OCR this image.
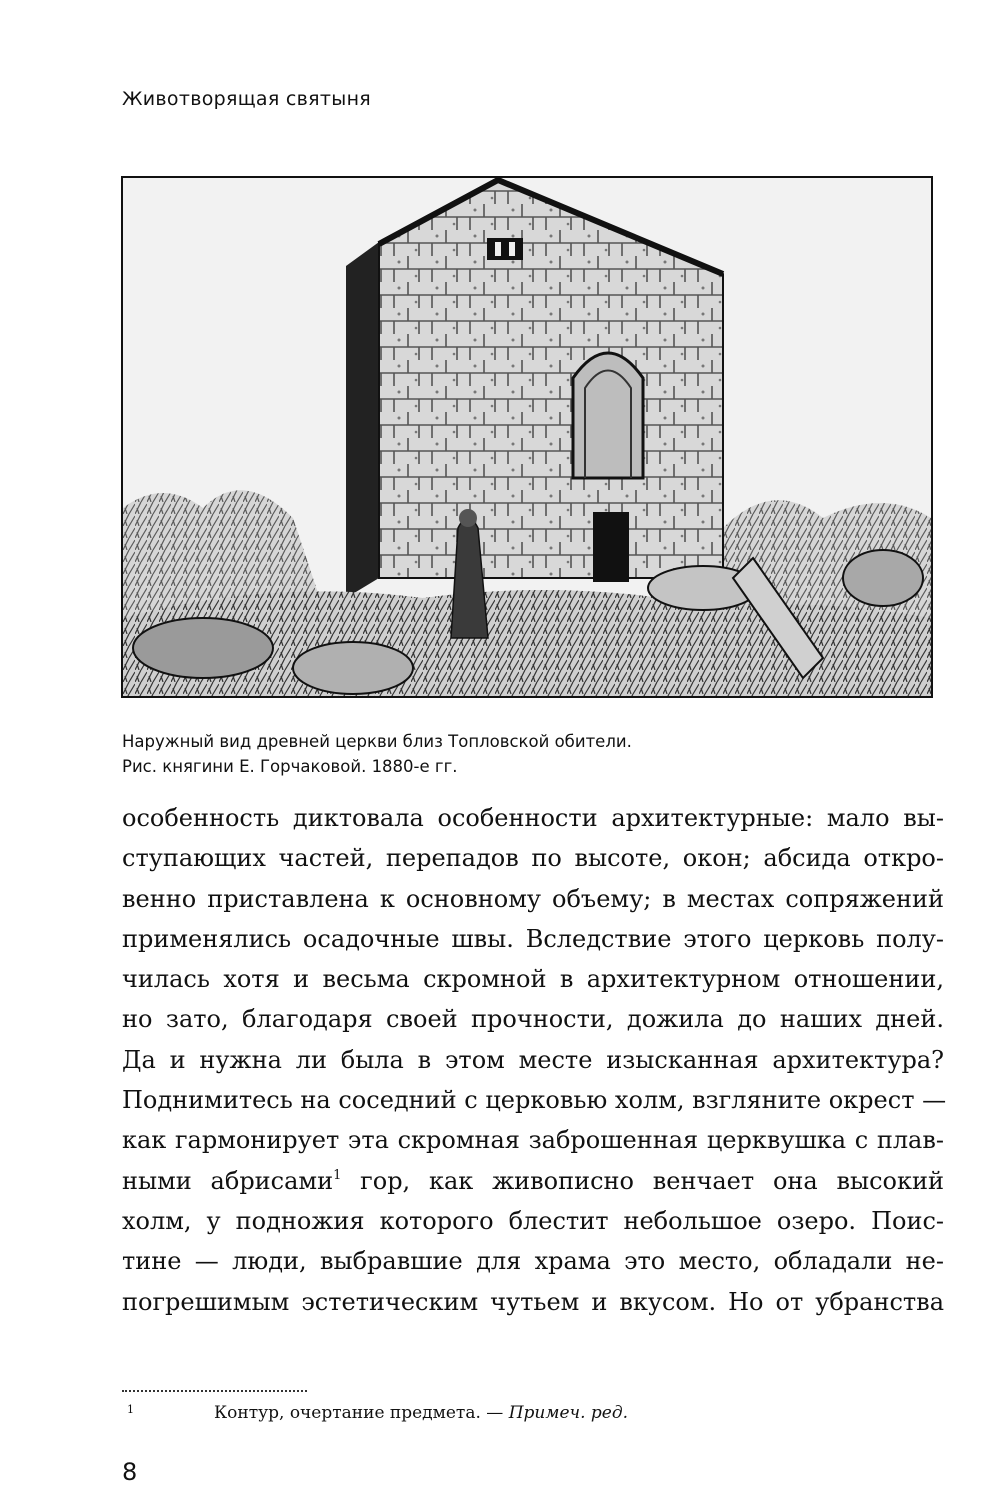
Животворящая святыня
Наружный вид древней церкви близ Топловской обители.
Рис. княгини Е. Горчаковой. 1880-е гг.
особенность диктовала особенности архитектурные: мало вы-
ступающих частей, перепадов по высоте, окон; абсида откро-
венно приставлена к основному объему; в местах сопряжений
применялись осадочные швы. Вследствие этого церковь полу-
чилась хотя и весьма скромной в архитектурном отношении,
но зато, благодаря своей прочности, дожила до наших дней.
Да и нужна ли была в этом месте изысканная архитектура?
Поднимитесь на соседний с церковью холм, взгляните окрест —
как гармонирует эта скромная заброшенная церквушка с плав-
ными абрисами$^1$ гор, как живописно венчает она высокий
холм, у подножия которого блестит небольшое озеро. Поис-
тине — люди, выбравшие для храма это место, обладали не-
погрешимым эстетическим чутьем и вкусом. Но от убранства
1	Контур, очертание предмета. — Примеч. ред.
8
